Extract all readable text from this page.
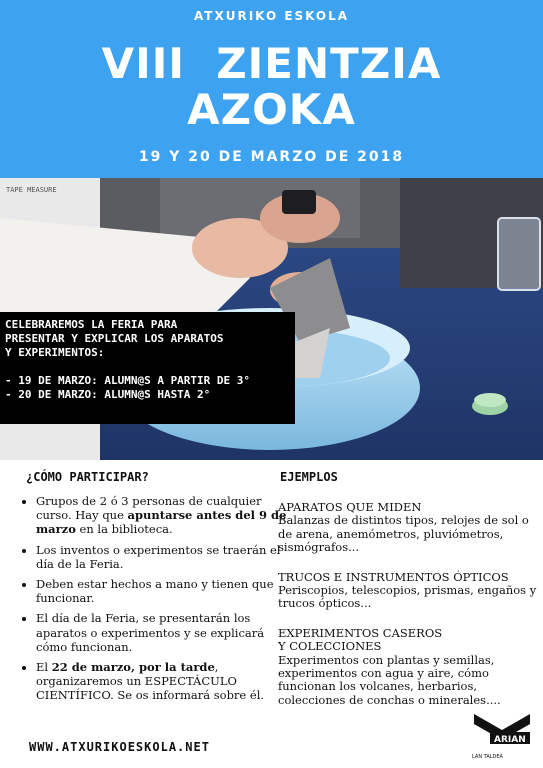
ATXURIKO ESKOLA
VIII  ZIENTZIA
AZOKA
19 Y 20 DE MARZO DE 2018
TAPE MEASURE
CELEBRAREMOS LA FERIA PARA
PRESENTAR Y EXPLICAR LOS APARATOS
Y EXPERIMENTOS:
- 19 DE MARZO: ALUMN@S A PARTIR DE 3°
- 20 DE MARZO: ALUMN@S HASTA 2°
¿CÓMO PARTICIPAR?
• Grupos de 2 ó 3 personas de cualquier curso. Hay que apuntarse antes del 9 de marzo en la biblioteca.
• Los inventos o experimentos se traerán el día de la Feria.
• Deben estar hechos a mano y tienen que funcionar.
• El día de la Feria, se presentarán los aparatos o experimentos y se explicará cómo funcionan.
• El 22 de marzo, por la tarde, organizaremos un ESPECTÁCULO CIENTÍFICO. Se os informará sobre él.
EJEMPLOS
APARATOS QUE MIDEN
Balanzas de distintos tipos, relojes de sol o de arena, anemómetros, pluviómetros, sismógrafos...
TRUCOS E INSTRUMENTOS ÓPTICOS
Periscopios, telescopios, prismas, engaños y trucos ópticos...
EXPERIMENTOS CASEROS Y COLECCIONES
Experimentos con plantas y semillas, experimentos con agua y aire, cómo funcionan los volcanes, herbarios, colecciones de conchas o minerales....
WWW.ATXURIKOESKOLA.NET	ARIAN
LAN TALDEA
